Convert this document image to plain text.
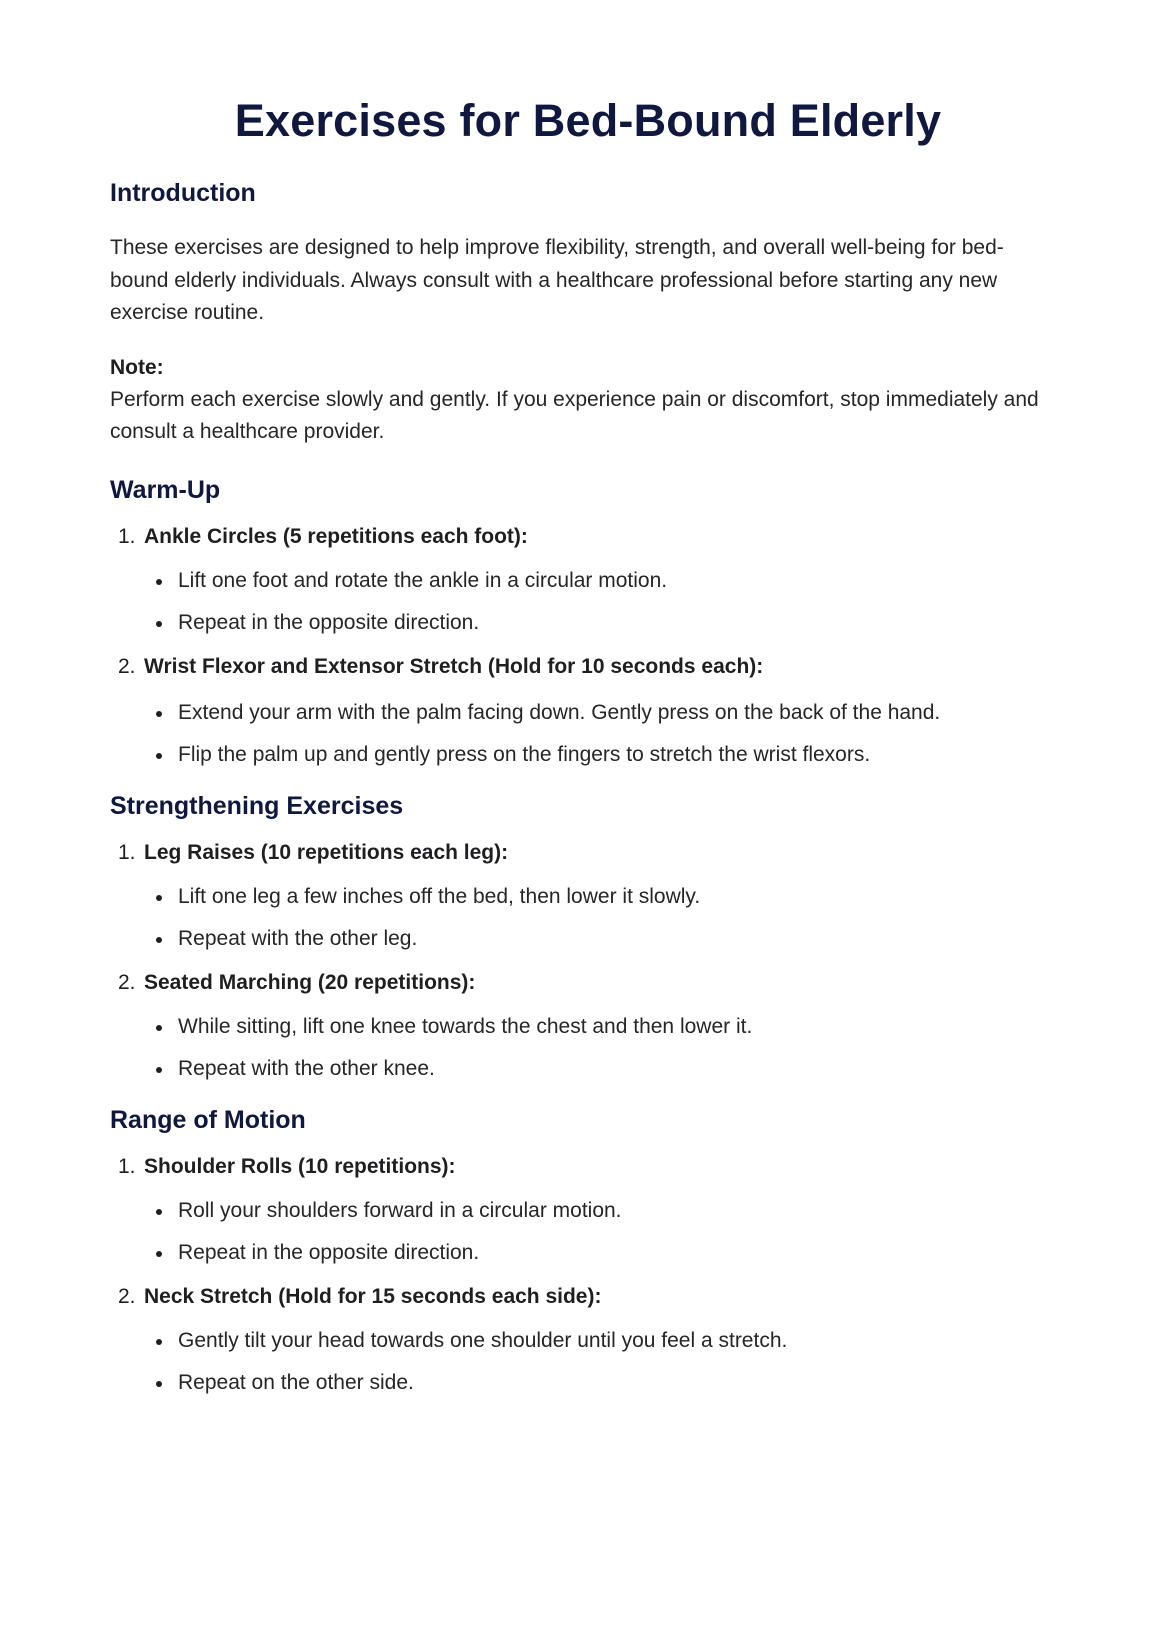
Exercises for Bed-Bound Elderly
Introduction

These exercises are designed to help improve flexibility, strength, and overall well-being for bed-bound elderly individuals. Always consult with a healthcare professional before starting any new exercise routine.

Note:

Perform each exercise slowly and gently. If you experience pain or discomfort, stop immediately and consult a healthcare provider.

Warm-Up
1. Ankle Circles (5 repetitions each foot):
Lift one foot and rotate the ankle in a circular motion.
Repeat in the opposite direction.
2. Wrist Flexor and Extensor Stretch (Hold for 10 seconds each):
Extend your arm with the palm facing down. Gently press on the back of the hand.
Flip the palm up and gently press on the fingers to stretch the wrist flexors.
Strengthening Exercises
1. Leg Raises (10 repetitions each leg):
Lift one leg a few inches off the bed, then lower it slowly.
Repeat with the other leg.
2. Seated Marching (20 repetitions):
While sitting, lift one knee towards the chest and then lower it.
Repeat with the other knee.
Range of Motion
1. Shoulder Rolls (10 repetitions):
Roll your shoulders forward in a circular motion.
Repeat in the opposite direction.
2. Neck Stretch (Hold for 15 seconds each side):
Gently tilt your head towards one shoulder until you feel a stretch.
Repeat on the other side.
